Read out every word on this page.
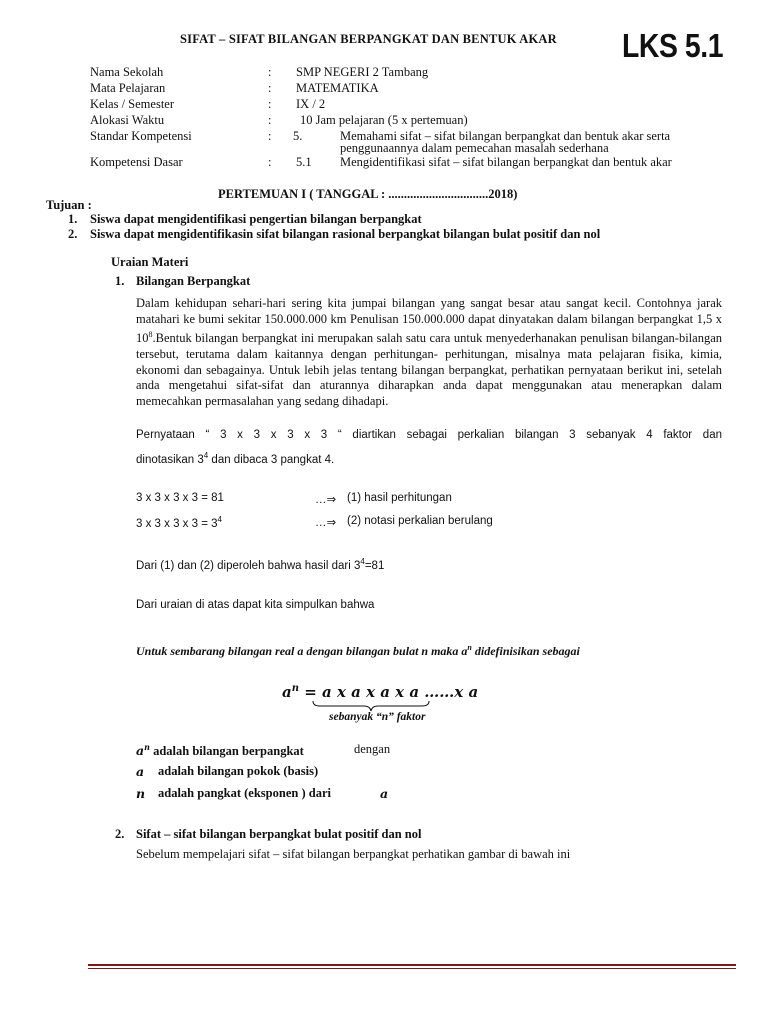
SIFAT – SIFAT BILANGAN BERPANGKAT DAN BENTUK AKAR LKS 5.1
Nama Sekolah	: SMP NEGERI 2 Tambang
Mata Pelajaran	: MATEMATIKA
Kelas / Semester	: IX / 2
Alokasi Waktu	: 10 Jam pelajaran (5 x pertemuan)
Standar Kompetensi	: 5.	Memahami sifat – sifat bilangan berpangkat dan bentuk akar serta
penggunaannya dalam pemecahan masalah sederhana
Kompetensi Dasar	: 5.1 Mengidentifikasi sifat – sifat bilangan berpangkat dan bentuk akar
PERTEMUAN I ( TANGGAL : ................................2018)
Tujuan :
1. Siswa dapat mengidentifikasi pengertian bilangan berpangkat
2. Siswa dapat mengidentifikasin sifat bilangan rasional berpangkat bilangan bulat positif dan nol
Uraian Materi
1. Bilangan Berpangkat
Dalam kehidupan sehari-hari sering kita jumpai bilangan yang sangat besar atau sangat kecil. Contohnya jarak matahari ke bumi sekitar 150.000.000 km Penulisan 150.000.000 dapat dinyatakan dalam bilangan berpangkat 1,5 x $10^8.Bentuk$ bilangan berpangkat ini merupakan salah satu cara untuk menyederhanakan penulisan bilangan-bilangan tersebut, terutama dalam kaitannya dengan perhitungan- perhitungan, misalnya mata pelajaran fisika, kimia, ekonomi dan sebagainya. Untuk lebih jelas tentang bilangan berpangkat, perhatikan pernyataan berikut ini, setelah anda mengetahui sifat-sifat dan aturannya diharapkan anda dapat menggunakan atau menerapkan dalam memecahkan permasalahan yang sedang dihadapi.
Pernyataan “ 3 x 3 x 3 x 3 “ diartikan sebagai perkalian bilangan 3 sebanyak 4 faktor dan
dinotasikan $3^4$ dan dibaca 3 pangkat 4.
3 x 3 x 3 x 3 = 81	…⇒ (1) hasil perhitungan
3 x 3 x 3 x $3 = 3^4$	…⇒ (2) notasi perkalian berulang
Dari (1) dan (2) diperoleh bahwa hasil dari $3^4=81$
Dari uraian di atas dapat kita simpulkan bahwa
Untuk sembarang bilangan real a dengan bilangan bulat n maka $a^n$ didefinisikan sebagai
$a^n = a$ x a x a x a ……x a
sebanyak “n” faktor
$a^n$ adalah bilangan berpangkat	dengan
a adalah bilangan pokok (basis)
n adalah pangkat (eksponen ) dari	a
2. Sifat – sifat bilangan berpangkat bulat positif dan nol
Sebelum mempelajari sifat – sifat bilangan berpangkat perhatikan gambar di bawah ini
